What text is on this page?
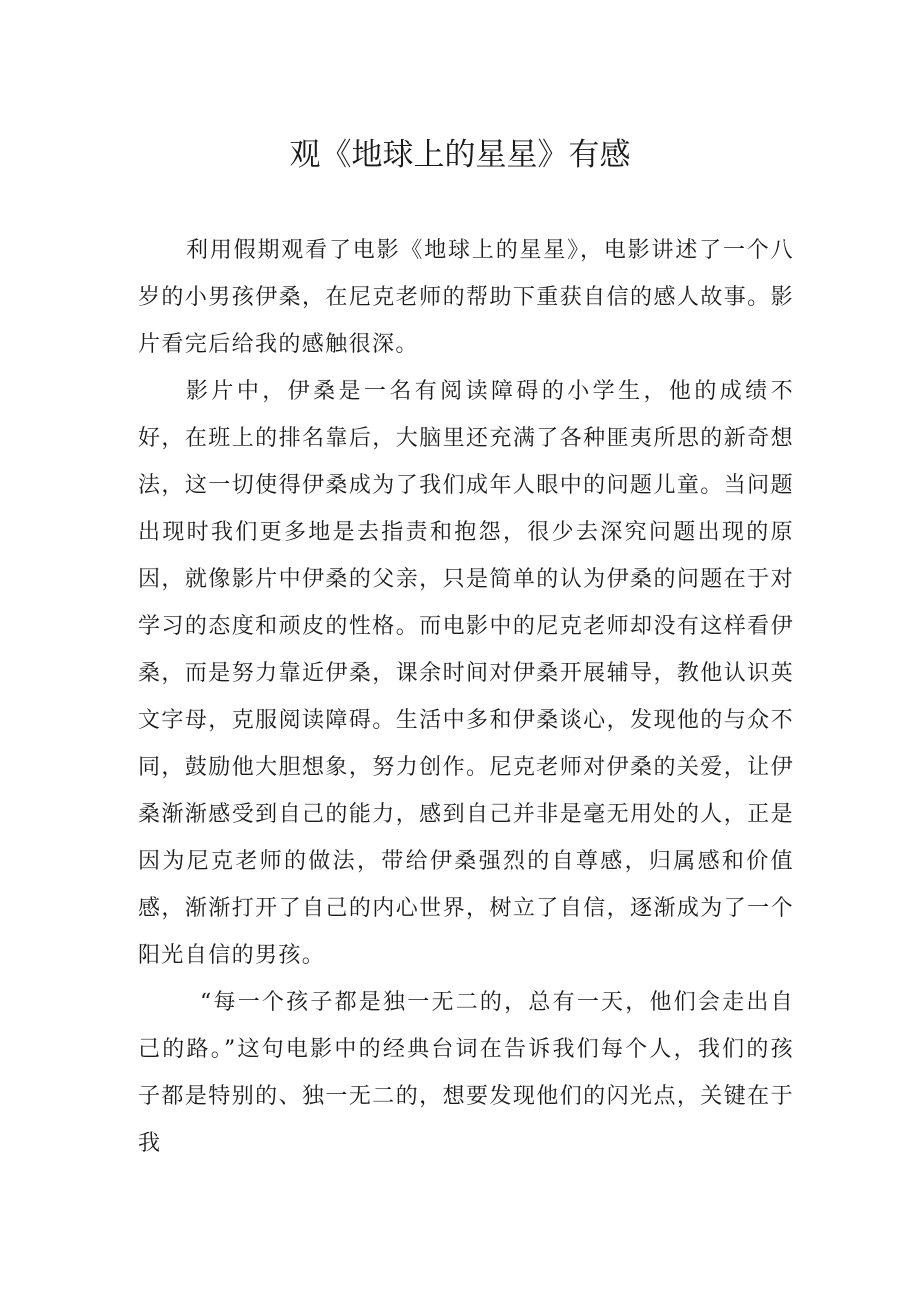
观《地球上的星星》有感

利用假期观看了电影《地球上的星星》，电影讲述了一个八岁的小男孩伊桑，在尼克老师的帮助下重获自信的感人故事。影片看完后给我的感触很深。

影片中，伊桑是一名有阅读障碍的小学生，他的成绩不好，在班上的排名靠后，大脑里还充满了各种匪夷所思的新奇想法，这一切使得伊桑成为了我们成年人眼中的问题儿童。当问题出现时我们更多地是去指责和抱怨，很少去深究问题出现的原因，就像影片中伊桑的父亲，只是简单的认为伊桑的问题在于对学习的态度和顽皮的性格。而电影中的尼克老师却没有这样看伊桑，而是努力靠近伊桑，课余时间对伊桑开展辅导，教他认识英文字母，克服阅读障碍。生活中多和伊桑谈心，发现他的与众不同，鼓励他大胆想象，努力创作。尼克老师对伊桑的关爱，让伊桑渐渐感受到自己的能力，感到自己并非是毫无用处的人，正是因为尼克老师的做法，带给伊桑强烈的自尊感，归属感和价值感，渐渐打开了自己的内心世界，树立了自信，逐渐成为了一个阳光自信的男孩。

“每一个孩子都是独一无二的，总有一天，他们会走出自己的路。”这句电影中的经典台词在告诉我们每个人，我们的孩子都是特别的、独一无二的，想要发现他们的闪光点，关键在于我
